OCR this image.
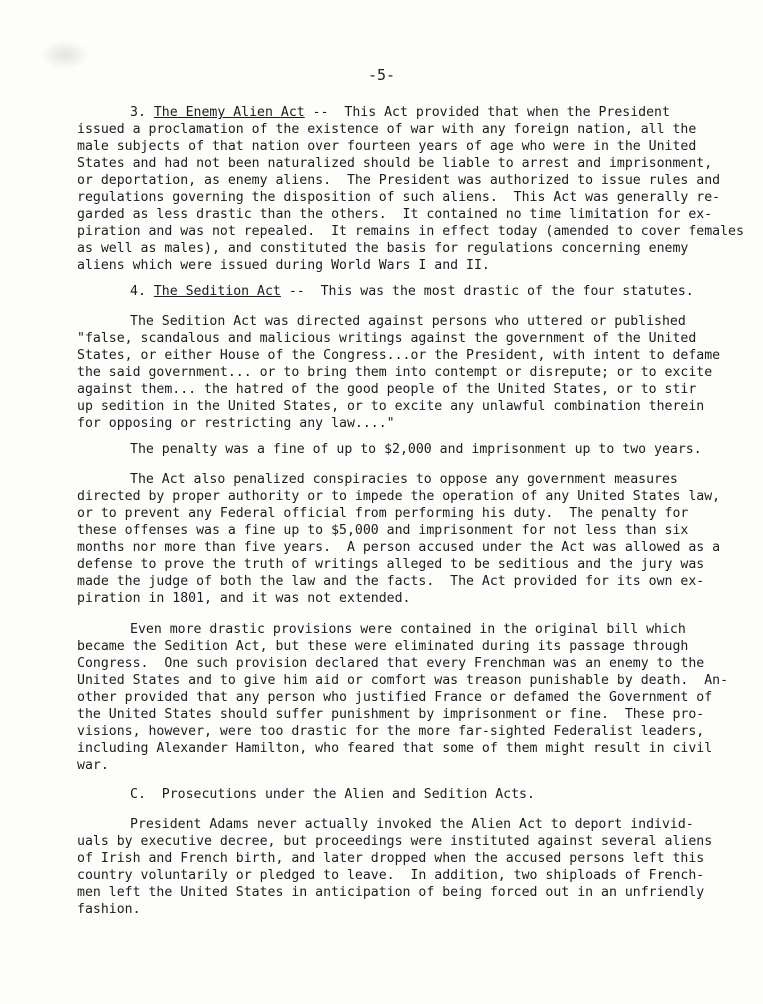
-5-
3. The Enemy Alien Act --  This Act provided that when the President
issued a proclamation of the existence of war with any foreign nation, all the
male subjects of that nation over fourteen years of age who were in the United
States and had not been naturalized should be liable to arrest and imprisonment,
or deportation, as enemy aliens.  The President was authorized to issue rules and
regulations governing the disposition of such aliens.  This Act was generally re-
garded as less drastic than the others.  It contained no time limitation for ex-
piration and was not repealed.  It remains in effect today (amended to cover females
as well as males), and constituted the basis for regulations concerning enemy
aliens which were issued during World Wars I and II.
4. The Sedition Act --  This was the most drastic of the four statutes.
The Sedition Act was directed against persons who uttered or published
"false, scandalous and malicious writings against the government of the United
States, or either House of the Congress...or the President, with intent to defame
the said government... or to bring them into contempt or disrepute; or to excite
against them... the hatred of the good people of the United States, or to stir
up sedition in the United States, or to excite any unlawful combination therein
for opposing or restricting any law...."
The penalty was a fine of up to $2,000 and imprisonment up to two years.
The Act also penalized conspiracies to oppose any government measures
directed by proper authority or to impede the operation of any United States law,
or to prevent any Federal official from performing his duty.  The penalty for
these offenses was a fine up to $5,000 and imprisonment for not less than six
months nor more than five years.  A person accused under the Act was allowed as a
defense to prove the truth of writings alleged to be seditious and the jury was
made the judge of both the law and the facts.  The Act provided for its own ex-
piration in 1801, and it was not extended.
Even more drastic provisions were contained in the original bill which
became the Sedition Act, but these were eliminated during its passage through
Congress.  One such provision declared that every Frenchman was an enemy to the
United States and to give him aid or comfort was treason punishable by death.  An-
other provided that any person who justified France or defamed the Government of
the United States should suffer punishment by imprisonment or fine.  These pro-
visions, however, were too drastic for the more far-sighted Federalist leaders,
including Alexander Hamilton, who feared that some of them might result in civil
war.
C.  Prosecutions under the Alien and Sedition Acts.
President Adams never actually invoked the Alien Act to deport individ-
uals by executive decree, but proceedings were instituted against several aliens
of Irish and French birth, and later dropped when the accused persons left this
country voluntarily or pledged to leave.  In addition, two shiploads of French-
men left the United States in anticipation of being forced out in an unfriendly
fashion.
